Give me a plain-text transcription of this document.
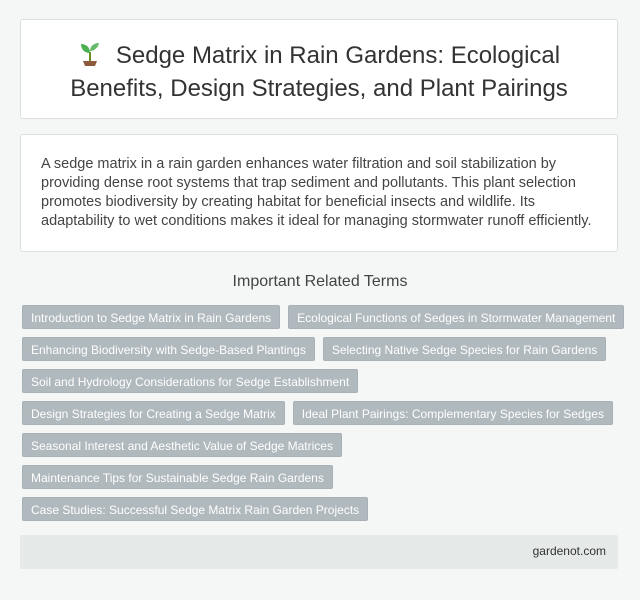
Sedge Matrix in Rain Gardens: Ecological
Benefits, Design Strategies, and Plant Pairings

A sedge matrix in a rain garden enhances water filtration and soil stabilization by providing dense root systems that trap sediment and pollutants. This plant selection promotes biodiversity by creating habitat for beneficial insects and wildlife. Its adaptability to wet conditions makes it ideal for managing stormwater runoff efficiently.

Important Related Terms
Introduction to Sedge Matrix in Rain Gardens	Ecological Functions of Sedges in Stormwater Management
Enhancing Biodiversity with Sedge-Based Plantings	Selecting Native Sedge Species for Rain Gardens
Soil and Hydrology Considerations for Sedge Establishment
Design Strategies for Creating a Sedge Matrix	Ideal Plant Pairings: Complementary Species for Sedges
Seasonal Interest and Aesthetic Value of Sedge Matrices
Maintenance Tips for Sustainable Sedge Rain Gardens
Case Studies: Successful Sedge Matrix Rain Garden Projects
gardenot.com
